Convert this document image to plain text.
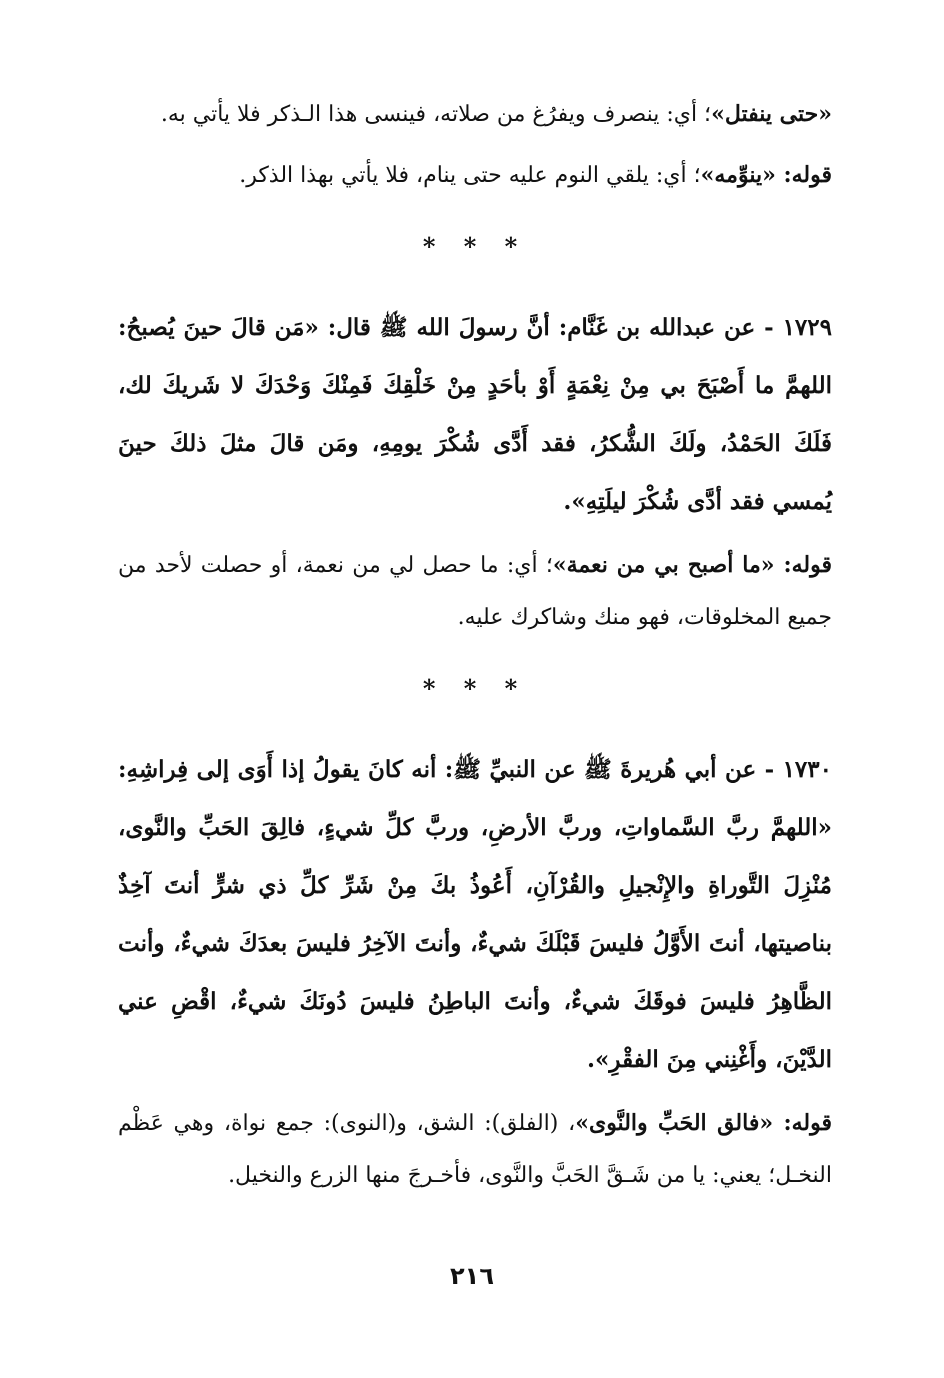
«حتى ينفتل»؛ أي: ينصرف ويفرُغ من صلاته، فينسى هذا الـذكر فلا يأتي به.

قوله: «ينوِّمه»؛ أي: يلقي النوم عليه حتى ينام، فلا يأتي بهذا الذكر.

* * *

١٧٢٩ - عن عبدالله بن غَنَّام: أنَّ رسولَ الله ﷺ قال: «مَن قالَ حينَ يُصبحُ: اللهمَّ ما أَصْبَحَ بي مِنْ نِعْمَةٍ أَوْ بأحَدٍ مِنْ خَلْقِكَ فَمِنْكَ وَحْدَكَ لا شَريكَ لك، فَلَكَ الحَمْدُ، ولَكَ الشُّكرُ، فقد أَدَّى شُكْرَ يومِهِ، ومَن قالَ مثلَ ذلكَ حينَ يُمسي فقد أدَّى شُكْرَ ليلَتِهِ».

قوله: «ما أصبح بي من نعمة»؛ أي: ما حصل لي من نعمة، أو حصلت لأحد من جميع المخلوقات، فهو منك وشاكرك عليه.

* * *

١٧٣٠ - عن أبي هُريرةَ ﷺ عن النبيِّ ﷺ: أنه كانَ يقولُ إذا أَوَى إلى فِراشِهِ: «اللهمَّ ربَّ السَّماواتِ، وربَّ الأرضِ، وربَّ كلِّ شيءٍ، فالِقَ الحَبِّ والنَّوى، مُنْزِلَ التَّوراةِ والإِنْجيلِ والقُرْآنِ، أَعُوذُ بكَ مِنْ شَرِّ كلِّ ذي شرٍّ أنتَ آخِذٌ بناصيتها، أنتَ الأَوَّلُ فليسَ قَبْلَكَ شيءٌ، وأنتَ الآخِرُ فليسَ بعدَكَ شيءٌ، وأنت الظَّاهِرُ فليسَ فوقَكَ شيءٌ، وأنتَ الباطِنُ فليسَ دُونَكَ شيءٌ، اقْضِ عني الدَّيْنَ، وأَغْنِني مِنَ الفقْرِ».

قوله: «فالق الحَبِّ والنَّوى»، (الفلق): الشق، و(النوى): جمع نواة، وهي عَظْم النخـل؛ يعني: يا من شَـقَّ الحَبَّ والنَّوى، فأخـرجَ منها الزرع والنخيل.

٢١٦
